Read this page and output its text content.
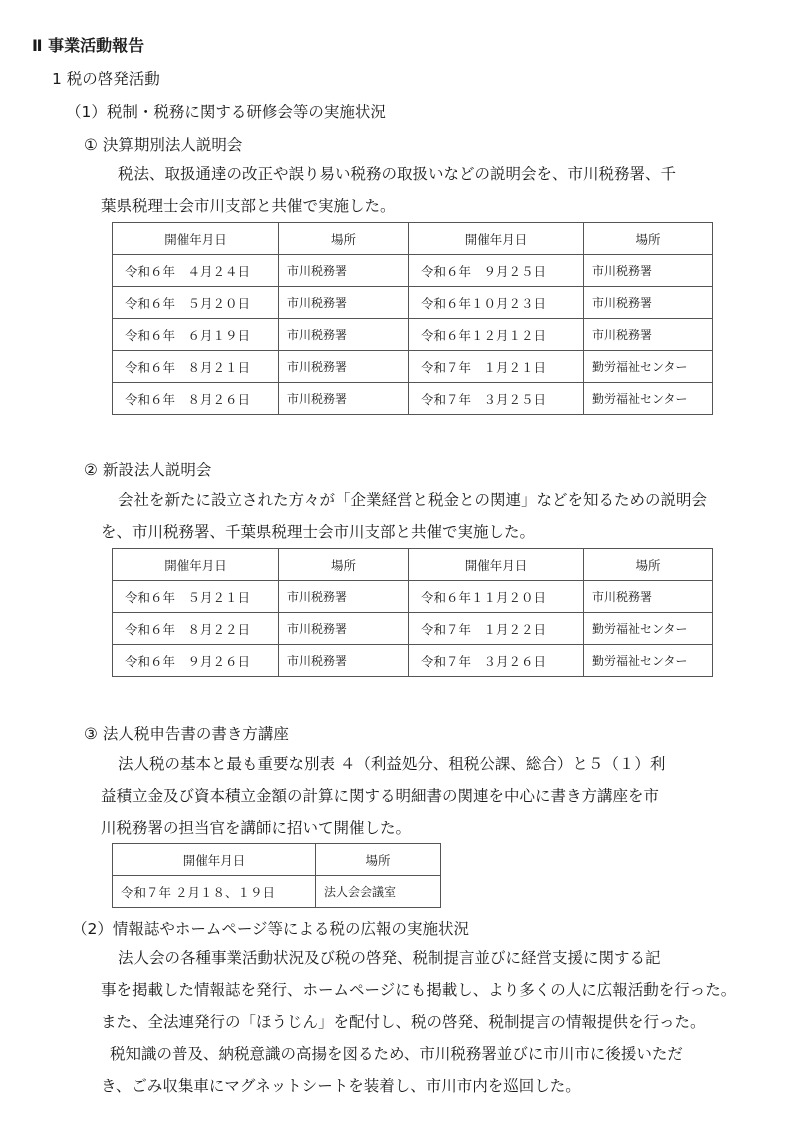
Ⅱ 事業活動報告
1 税の啓発活動
（1）税制・税務に関する研修会等の実施状況
① 決算期別法人説明会
税法、取扱通達の改正や誤り易い税務の取扱いなどの説明会を、市川税務署、千
葉県税理士会市川支部と共催で実施した。
開催年月日	場所	開催年月日	場所
令和６年　４月２４日	市川税務署	令和６年　９月２５日	市川税務署
令和６年　５月２０日	市川税務署	令和６年１０月２３日	市川税務署
令和６年　６月１９日	市川税務署	令和６年１２月１２日	市川税務署
令和６年　８月２１日	市川税務署	令和７年　１月２１日	勤労福祉センター
令和６年　８月２６日	市川税務署	令和７年　３月２５日	勤労福祉センター
② 新設法人説明会
会社を新たに設立された方々が「企業経営と税金との関連」などを知るための説明会
を、市川税務署、千葉県税理士会市川支部と共催で実施した。
開催年月日	場所	開催年月日	場所
令和６年　５月２１日	市川税務署	令和６年１１月２０日	市川税務署
令和６年　８月２２日	市川税務署	令和７年　１月２２日	勤労福祉センター
令和６年　９月２６日	市川税務署	令和７年　３月２６日	勤労福祉センター
③ 法人税申告書の書き方講座
法人税の基本と最も重要な別表 ４（利益処分、租税公課、総合）と５（１）利
益積立金及び資本積立金額の計算に関する明細書の関連を中心に書き方講座を市
川税務署の担当官を講師に招いて開催した。
開催年月日	場所
令和７年 ２月１８、１９日	法人会会議室
（2）情報誌やホームページ等による税の広報の実施状況
法人会の各種事業活動状況及び税の啓発、税制提言並びに経営支援に関する記
事を掲載した情報誌を発行、ホームページにも掲載し、より多くの人に広報活動を行った。
また、全法連発行の「ほうじん」を配付し、税の啓発、税制提言の情報提供を行った。
税知識の普及、納税意識の高揚を図るため、市川税務署並びに市川市に後援いただ
き、ごみ収集車にマグネットシートを装着し、市川市内を巡回した。
